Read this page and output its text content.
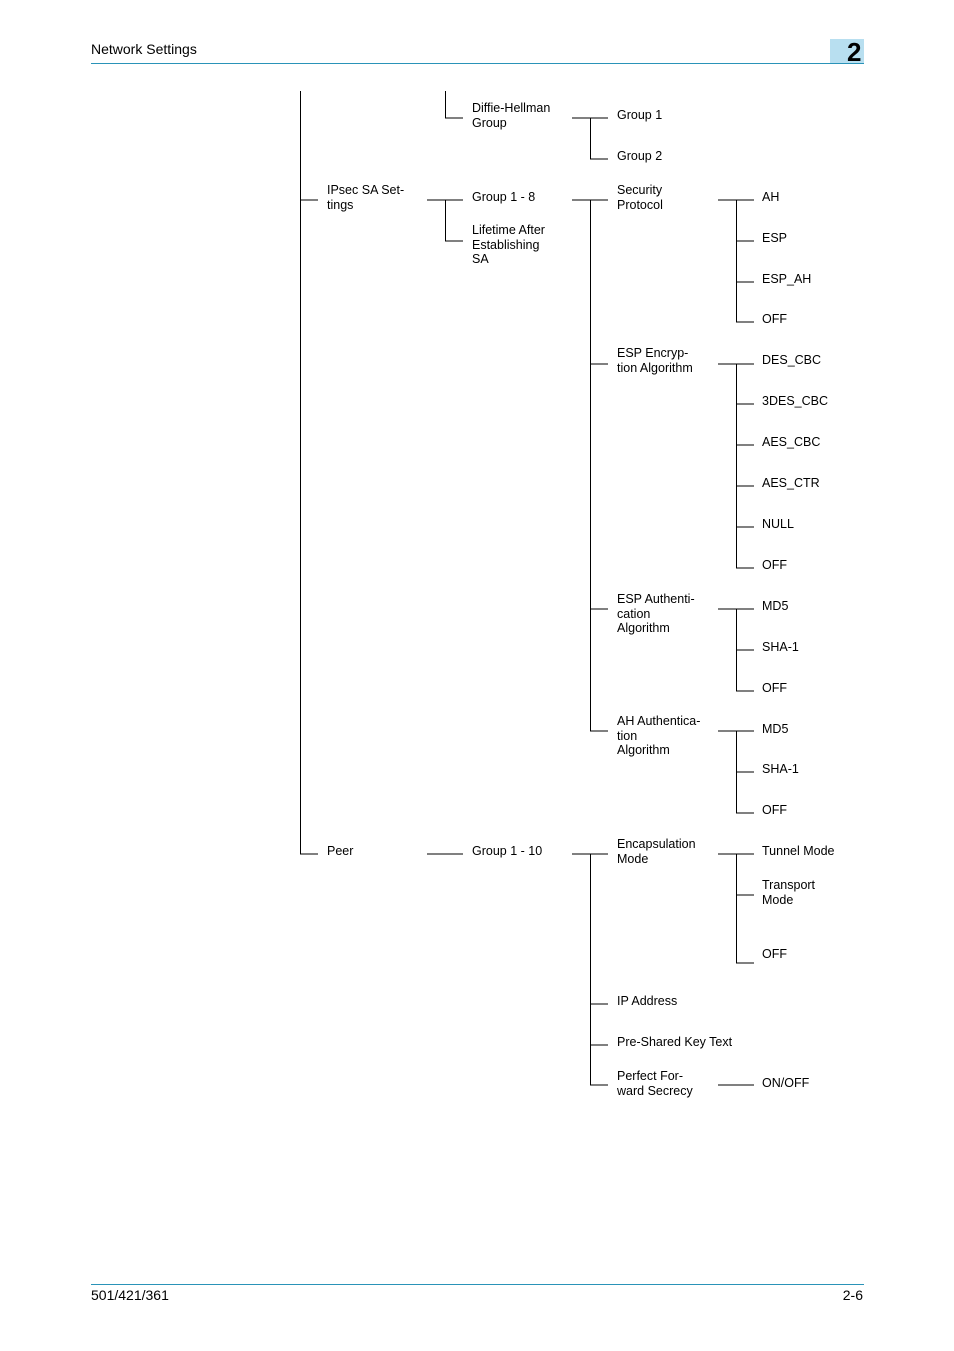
Network Settings	2
IPsec SA Set-
tings
Peer
Diffie-Hellman
Group
Group 1 - 8
Lifetime After
Establishing
SA
Group 1 - 10
Group 1
Group 2
Security
Protocol
ESP Encryp-
tion Algorithm
ESP Authenti-
cation
Algorithm
AH Authentica-
tion
Algorithm
Encapsulation
Mode
IP Address
Pre-Shared Key Text
Perfect For-
ward Secrecy
AH
ESP
ESP_AH
OFF
DES_CBC
3DES_CBC
AES_CBC
AES_CTR
NULL
OFF
MD5
SHA-1
OFF
MD5
SHA-1
OFF
Tunnel Mode
Transport
Mode
OFF
ON/OFF
501/421/361	2-6
